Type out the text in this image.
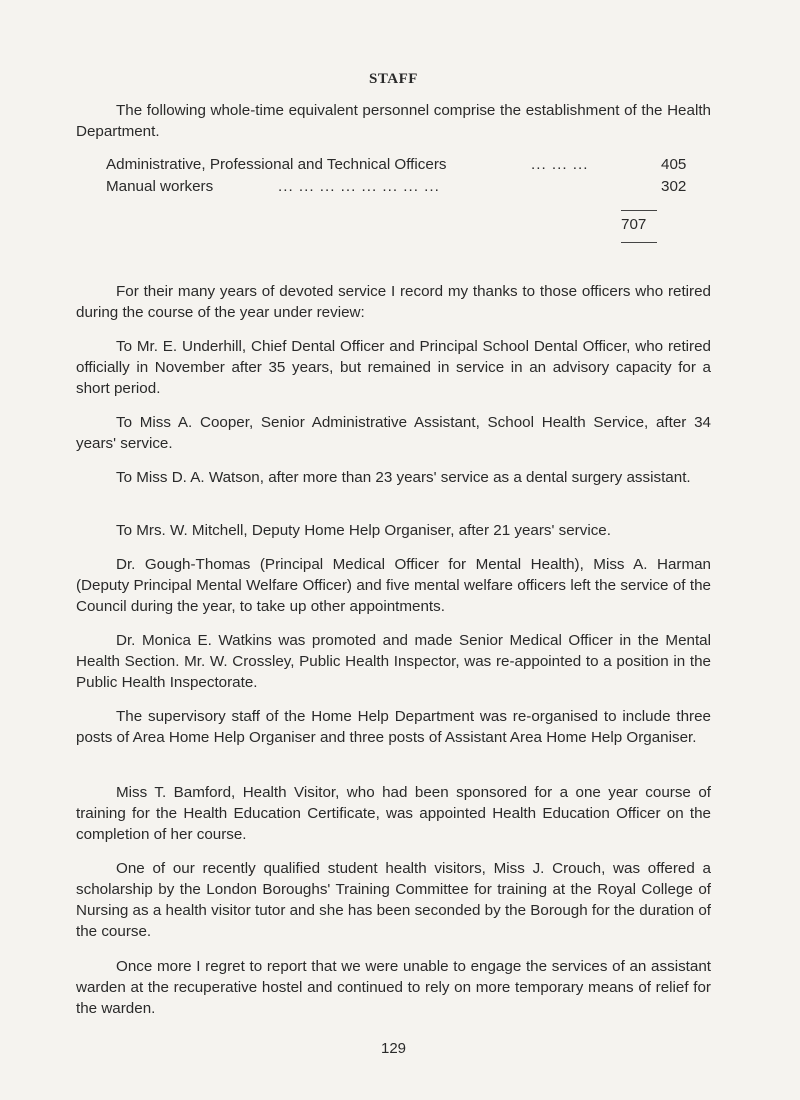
STAFF

The following whole-time equivalent personnel comprise the establishment of the Health Department.

Administrative, Professional and Technical Officers	... ... ...	405
Manual workers	... ... ... ... ... ... ... ...	302
707

For their many years of devoted service I record my thanks to those officers who retired during the course of the year under review:

To Mr. E. Underhill, Chief Dental Officer and Principal School Dental Officer, who retired officially in November after 35 years, but remained in service in an advisory capacity for a short period.

To Miss A. Cooper, Senior Administrative Assistant, School Health Service, after 34 years' service.

To Miss D. A. Watson, after more than 23 years' service as a dental surgery assistant.

To Mrs. W. Mitchell, Deputy Home Help Organiser, after 21 years' service.

Dr. Gough-Thomas (Principal Medical Officer for Mental Health), Miss A. Harman (Deputy Principal Mental Welfare Officer) and five mental welfare officers left the service of the Council during the year, to take up other appointments.

Dr. Monica E. Watkins was promoted and made Senior Medical Officer in the Mental Health Section. Mr. W. Crossley, Public Health Inspector, was re-appointed to a position in the Public Health Inspectorate.

The supervisory staff of the Home Help Department was re-organised to include three posts of Area Home Help Organiser and three posts of Assistant Area Home Help Organiser.

Miss T. Bamford, Health Visitor, who had been sponsored for a one year course of training for the Health Education Certificate, was appointed Health Education Officer on the completion of her course.

One of our recently qualified student health visitors, Miss J. Crouch, was offered a scholarship by the London Boroughs' Training Committee for training at the Royal College of Nursing as a health visitor tutor and she has been seconded by the Borough for the duration of the course.

Once more I regret to report that we were unable to engage the services of an assistant warden at the recuperative hostel and continued to rely on more temporary means of relief for the warden.

129
